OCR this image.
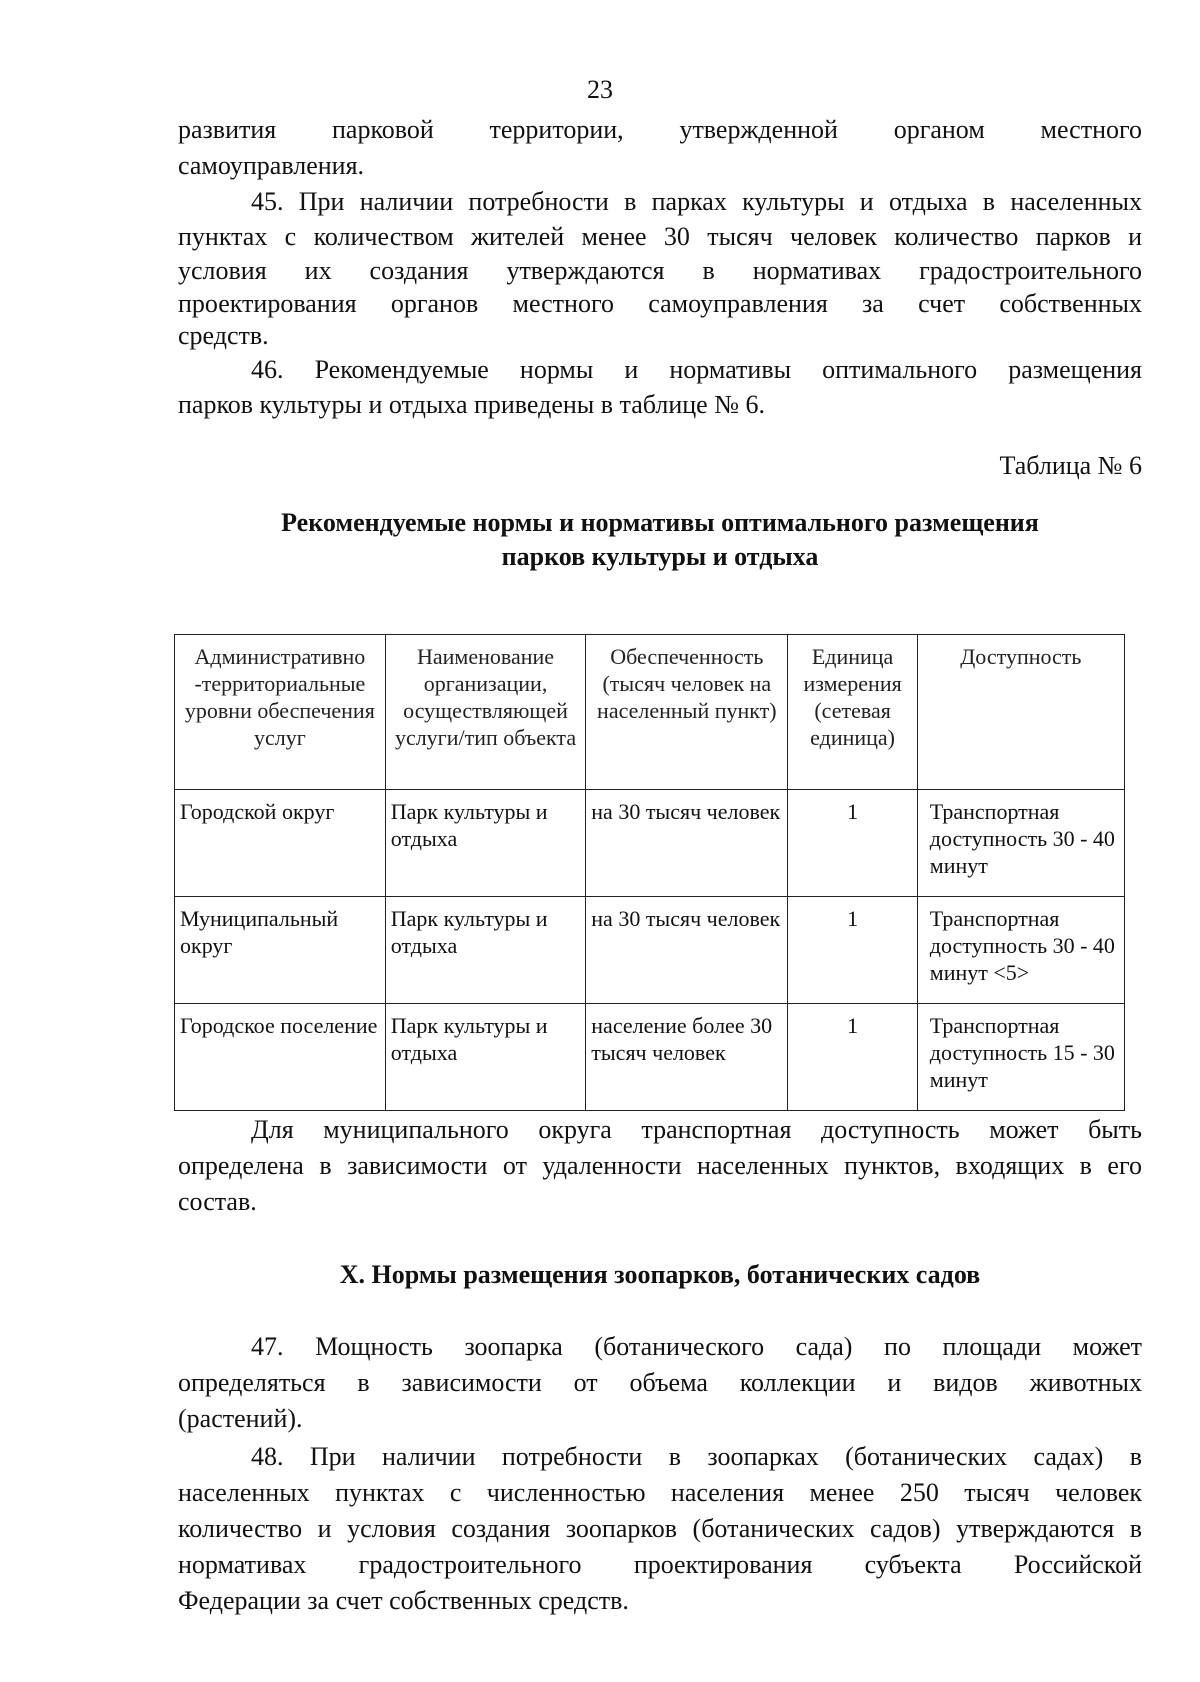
23

развития парковой территории, утвержденной органом местного

самоуправления.

45. При наличии потребности в парках культуры и отдыха в населенных

пунктах с количеством жителей менее 30 тысяч человек количество парков и

условия их создания утверждаются в нормативах градостроительного

проектирования органов местного самоуправления за счет собственных

средств.

46. Рекомендуемые нормы и нормативы оптимального размещения

парков культуры и отдыха приведены в таблице № 6.

Таблица № 6
Рекомендуемые нормы и нормативы оптимального размещения
парков культуры и отдыха
Административно -территориальные уровни обеспечения услуг	Наименование организации, осуществляющей услуги/тип объекта	Обеспеченность (тысяч человек на населенный пункт)	Единица измерения (сетевая единица)	Доступность
Городской округ	Парк культуры и отдыха	на 30 тысяч человек	1	Транспортная доступность 30 - 40 минут
Муниципальный округ	Парк культуры и отдыха	на 30 тысяч человек	1	Транспортная доступность 30 - 40 минут <5>
Городское поселение	Парк культуры и отдыха	население более 30 тысяч человек	1	Транспортная доступность 15 - 30 минут

Для муниципального округа транспортная доступность может быть

определена в зависимости от удаленности населенных пунктов, входящих в его

состав.

X. Нормы размещения зоопарков, ботанических садов

47. Мощность зоопарка (ботанического сада) по площади может

определяться в зависимости от объема коллекции и видов животных

(растений).

48. При наличии потребности в зоопарках (ботанических садах) в

населенных пунктах с численностью населения менее 250 тысяч человек

количество и условия создания зоопарков (ботанических садов) утверждаются в

нормативах градостроительного проектирования субъекта Российской

Федерации за счет собственных средств.
